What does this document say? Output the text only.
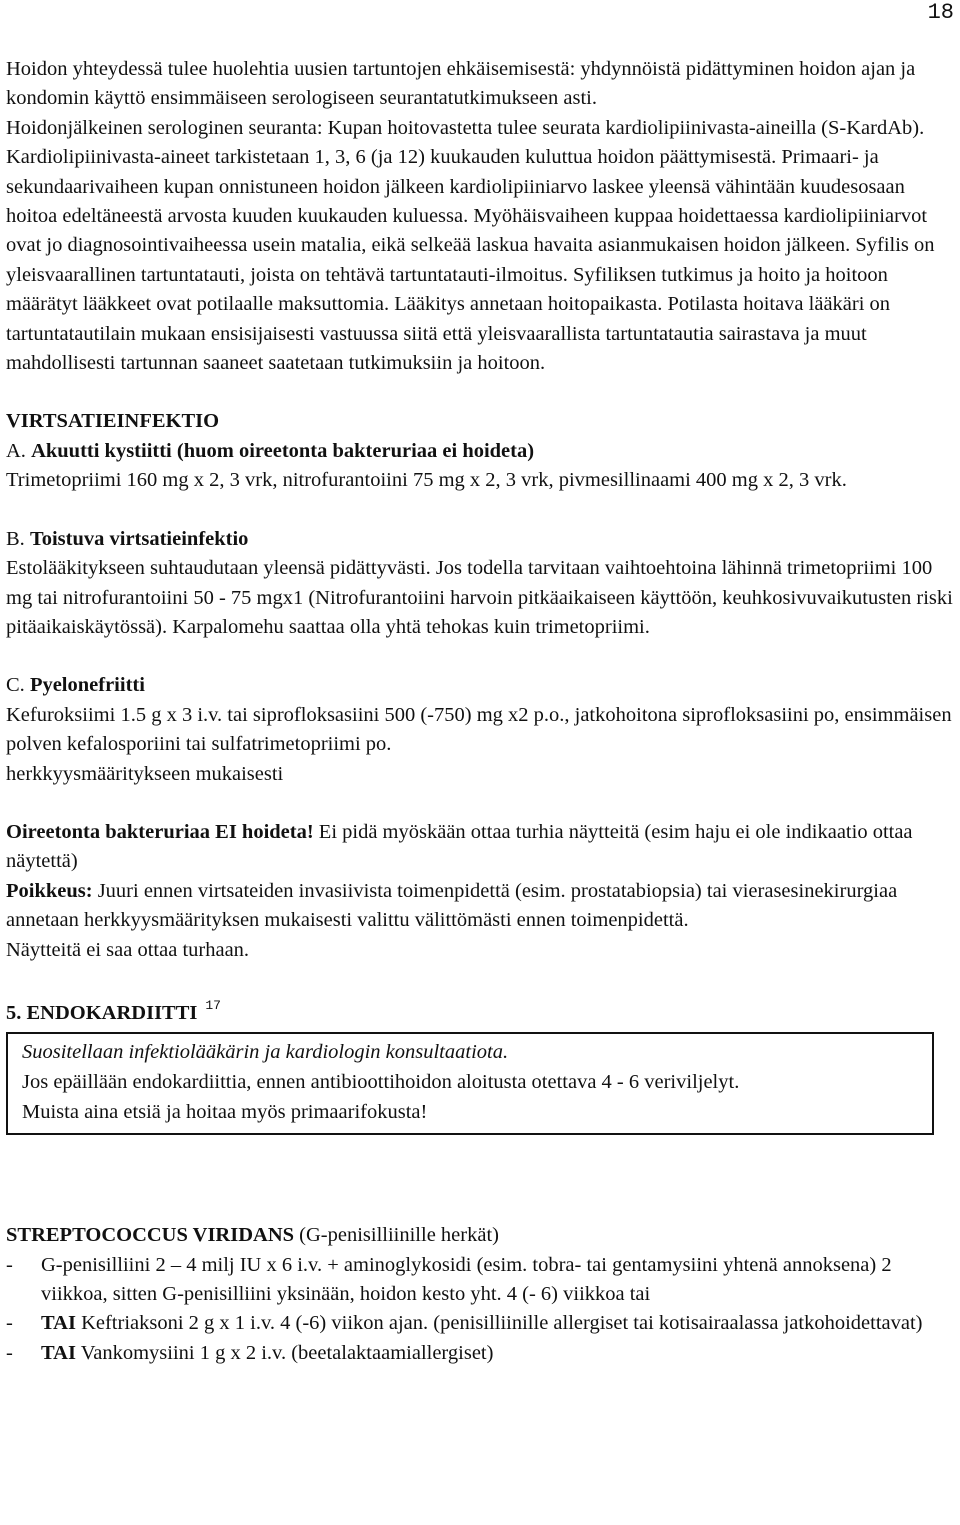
18

Hoidon yhteydessä tulee huolehtia uusien tartuntojen ehkäisemisestä: yhdynnöistä pidättyminen hoidon ajan ja kondomin käyttö ensimmäiseen serologiseen seurantatutkimukseen asti.

Hoidonjälkeinen serologinen seuranta: Kupan hoitovastetta tulee seurata kardiolipiinivasta-aineilla (S-KardAb). Kardiolipiinivasta-aineet tarkistetaan 1, 3, 6 (ja 12) kuukauden kuluttua hoidon päättymisestä. Primaari- ja sekundaarivaiheen kupan onnistuneen hoidon jälkeen kardiolipiiniarvo laskee yleensä vähintään kuudesosaan hoitoa edeltäneestä arvosta kuuden kuukauden kuluessa. Myöhäisvaiheen kuppaa hoidettaessa kardiolipiiniarvot ovat jo diagnosointivaiheessa usein matalia, eikä selkeää laskua havaita asianmukaisen hoidon jälkeen. Syfilis on yleisvaarallinen tartuntatauti, joista on tehtävä tartuntatauti-ilmoitus. Syfiliksen tutkimus ja hoito ja hoitoon määrätyt lääkkeet ovat potilaalle maksuttomia. Lääkitys annetaan hoitopaikasta. Potilasta hoitava lääkäri on tartuntatautilain mukaan ensisijaisesti vastuussa siitä että yleisvaarallista tartuntatautia sairastava ja muut mahdollisesti tartunnan saaneet saatetaan tutkimuksiin ja hoitoon.

VIRTSATIEINFEKTIO

A. Akuutti kystiitti (huom oireetonta bakteruriaa ei hoideta)

Trimetopriimi 160 mg x 2, 3 vrk, nitrofurantoiini 75 mg x 2, 3 vrk, pivmesillinaami 400 mg x 2, 3 vrk.

B. Toistuva virtsatieinfektio

Estolääkitykseen suhtaudutaan yleensä pidättyvästi. Jos todella tarvitaan vaihtoehtoina lähinnä trimetopriimi 100 mg tai nitrofurantoiini 50 - 75 mgx1 (Nitrofurantoiini harvoin pitkäaikaiseen käyttöön, keuhkosivuvaikutusten riski pitäaikaiskäytössä). Karpalomehu saattaa olla yhtä tehokas kuin trimetopriimi.

C. Pyelonefriitti

Kefuroksiimi 1.5 g x 3 i.v. tai siprofloksasiini 500 (-750) mg x2 p.o., jatkohoitona siprofloksasiini po, ensimmäisen polven kefalosporiini tai sulfatrimetopriimi po.

herkkyysmääritykseen mukaisesti

Oireetonta bakteruriaa EI hoideta! Ei pidä myöskään ottaa turhia näytteitä (esim haju ei ole indikaatio ottaa näytettä)

Poikkeus: Juuri ennen virtsateiden invasiivista toimenpidettä (esim. prostatabiopsia) tai vierasesinekirurgiaa annetaan herkkyysmäärityksen mukaisesti valittu välittömästi ennen toimenpidettä.

Näytteitä ei saa ottaa turhaan.

5. ENDOKARDIITTI $^{17}$

Suositellaan infektiolääkärin ja kardiologin konsultaatiota.

Jos epäillään endokardiittia, ennen antibioottihoidon aloitusta otettava 4 - 6 veriviljelyt.

Muista aina etsiä ja hoitaa myös primaarifokusta!

STREPTOCOCCUS VIRIDANS (G-penisilliinille herkät)

- G-penisilliini 2 – 4 milj IU x 6 i.v. + aminoglykosidi (esim. tobra- tai gentamysiini yhtenä annoksena) 2 viikkoa, sitten G-penisilliini yksinään, hoidon kesto yht. 4 (- 6) viikkoa tai
- TAI Keftriaksoni 2 g x 1 i.v. 4 (-6) viikon ajan. (penisilliinille allergiset tai kotisairaalassa jatkohoidettavat)
- TAI Vankomysiini 1 g x 2 i.v. (beetalaktaamiallergiset)
